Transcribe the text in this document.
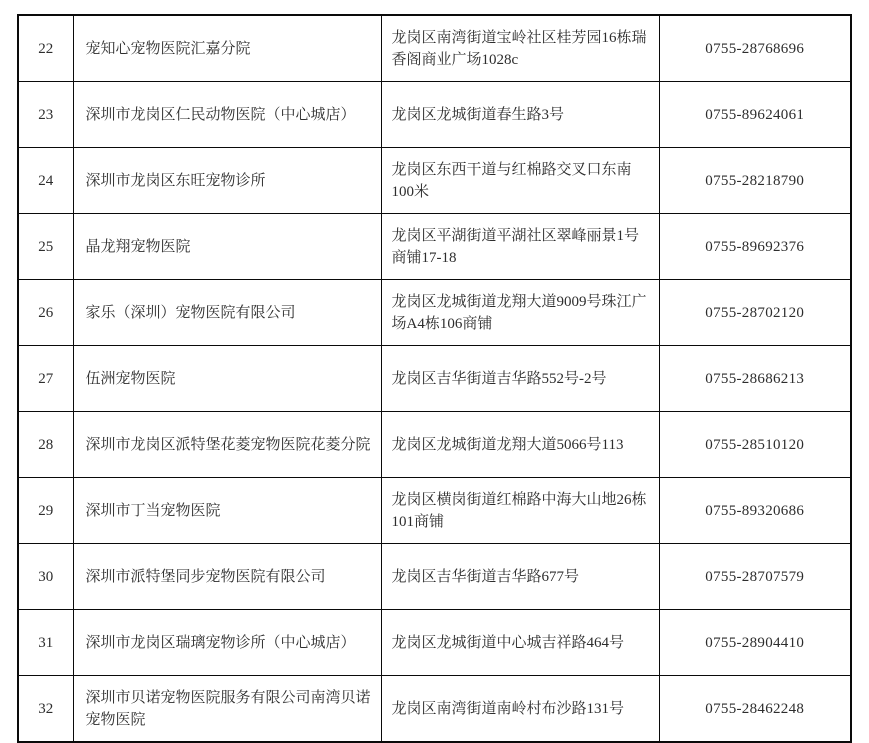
22	宠知心宠物医院汇嘉分院	龙岗区南湾街道宝岭社区桂芳园16栋瑞香阁商业广场1028c	0755-28768696
23	深圳市龙岗区仁民动物医院（中心城店）	龙岗区龙城街道春生路3号	0755-89624061
24	深圳市龙岗区东旺宠物诊所	龙岗区东西干道与红棉路交叉口东南100米	0755-28218790
25	晶龙翔宠物医院	龙岗区平湖街道平湖社区翠峰丽景1号商铺17-18	0755-89692376
26	家乐（深圳）宠物医院有限公司	龙岗区龙城街道龙翔大道9009号珠江广场A4栋106商铺	0755-28702120
27	伍洲宠物医院	龙岗区吉华街道吉华路552号-2号	0755-28686213
28	深圳市龙岗区派特堡花菱宠物医院花菱分院	龙岗区龙城街道龙翔大道5066号113	0755-28510120
29	深圳市丁当宠物医院	龙岗区横岗街道红棉路中海大山地26栋101商铺	0755-89320686
30	深圳市派特堡同步宠物医院有限公司	龙岗区吉华街道吉华路677号	0755-28707579
31	深圳市龙岗区瑞璃宠物诊所（中心城店）	龙岗区龙城街道中心城吉祥路464号	0755-28904410
32	深圳市贝诺宠物医院服务有限公司南湾贝诺宠物医院	龙岗区南湾街道南岭村布沙路131号	0755-28462248
